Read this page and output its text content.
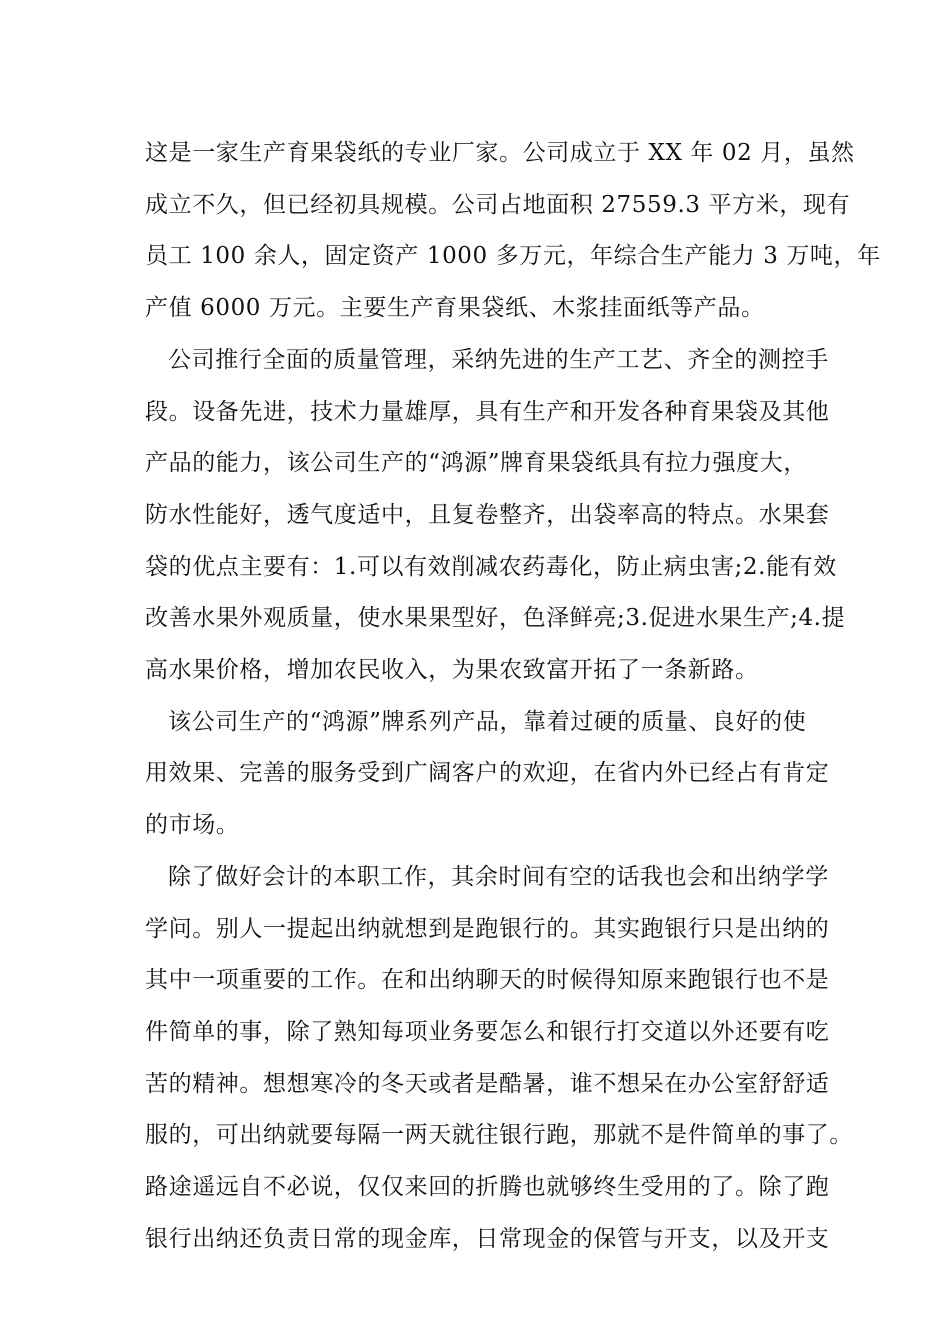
这是一家生产育果袋纸的专业厂家。公司成立于 XX 年 02 月，虽然
成立不久，但已经初具规模。公司占地面积 27559.3 平方米，现有
员工 100 余人，固定资产 1000 多万元，年综合生产能力 3 万吨，年
产值 6000 万元。主要生产育果袋纸、木浆挂面纸等产品。
公司推行全面的质量管理，采纳先进的生产工艺、齐全的测控手
段。设备先进，技术力量雄厚，具有生产和开发各种育果袋及其他
产品的能力，该公司生产的“鸿源”牌育果袋纸具有拉力强度大，
防水性能好，透气度适中，且复卷整齐，出袋率高的特点。水果套
袋的优点主要有：1.可以有效削减农药毒化，防止病虫害;2.能有效
改善水果外观质量，使水果果型好，色泽鲜亮;3.促进水果生产;4.提
高水果价格，增加农民收入，为果农致富开拓了一条新路。
该公司生产的“鸿源”牌系列产品，靠着过硬的质量、良好的使
用效果、完善的服务受到广阔客户的欢迎，在省内外已经占有肯定
的市场。
除了做好会计的本职工作，其余时间有空的话我也会和出纳学学
学问。别人一提起出纳就想到是跑银行的。其实跑银行只是出纳的
其中一项重要的工作。在和出纳聊天的时候得知原来跑银行也不是
件简单的事，除了熟知每项业务要怎么和银行打交道以外还要有吃
苦的精神。想想寒冷的冬天或者是酷暑，谁不想呆在办公室舒舒适
服的，可出纳就要每隔一两天就往银行跑，那就不是件简单的事了。
路途遥远自不必说，仅仅来回的折腾也就够终生受用的了。除了跑
银行出纳还负责日常的现金库，日常现金的保管与开支，以及开支
